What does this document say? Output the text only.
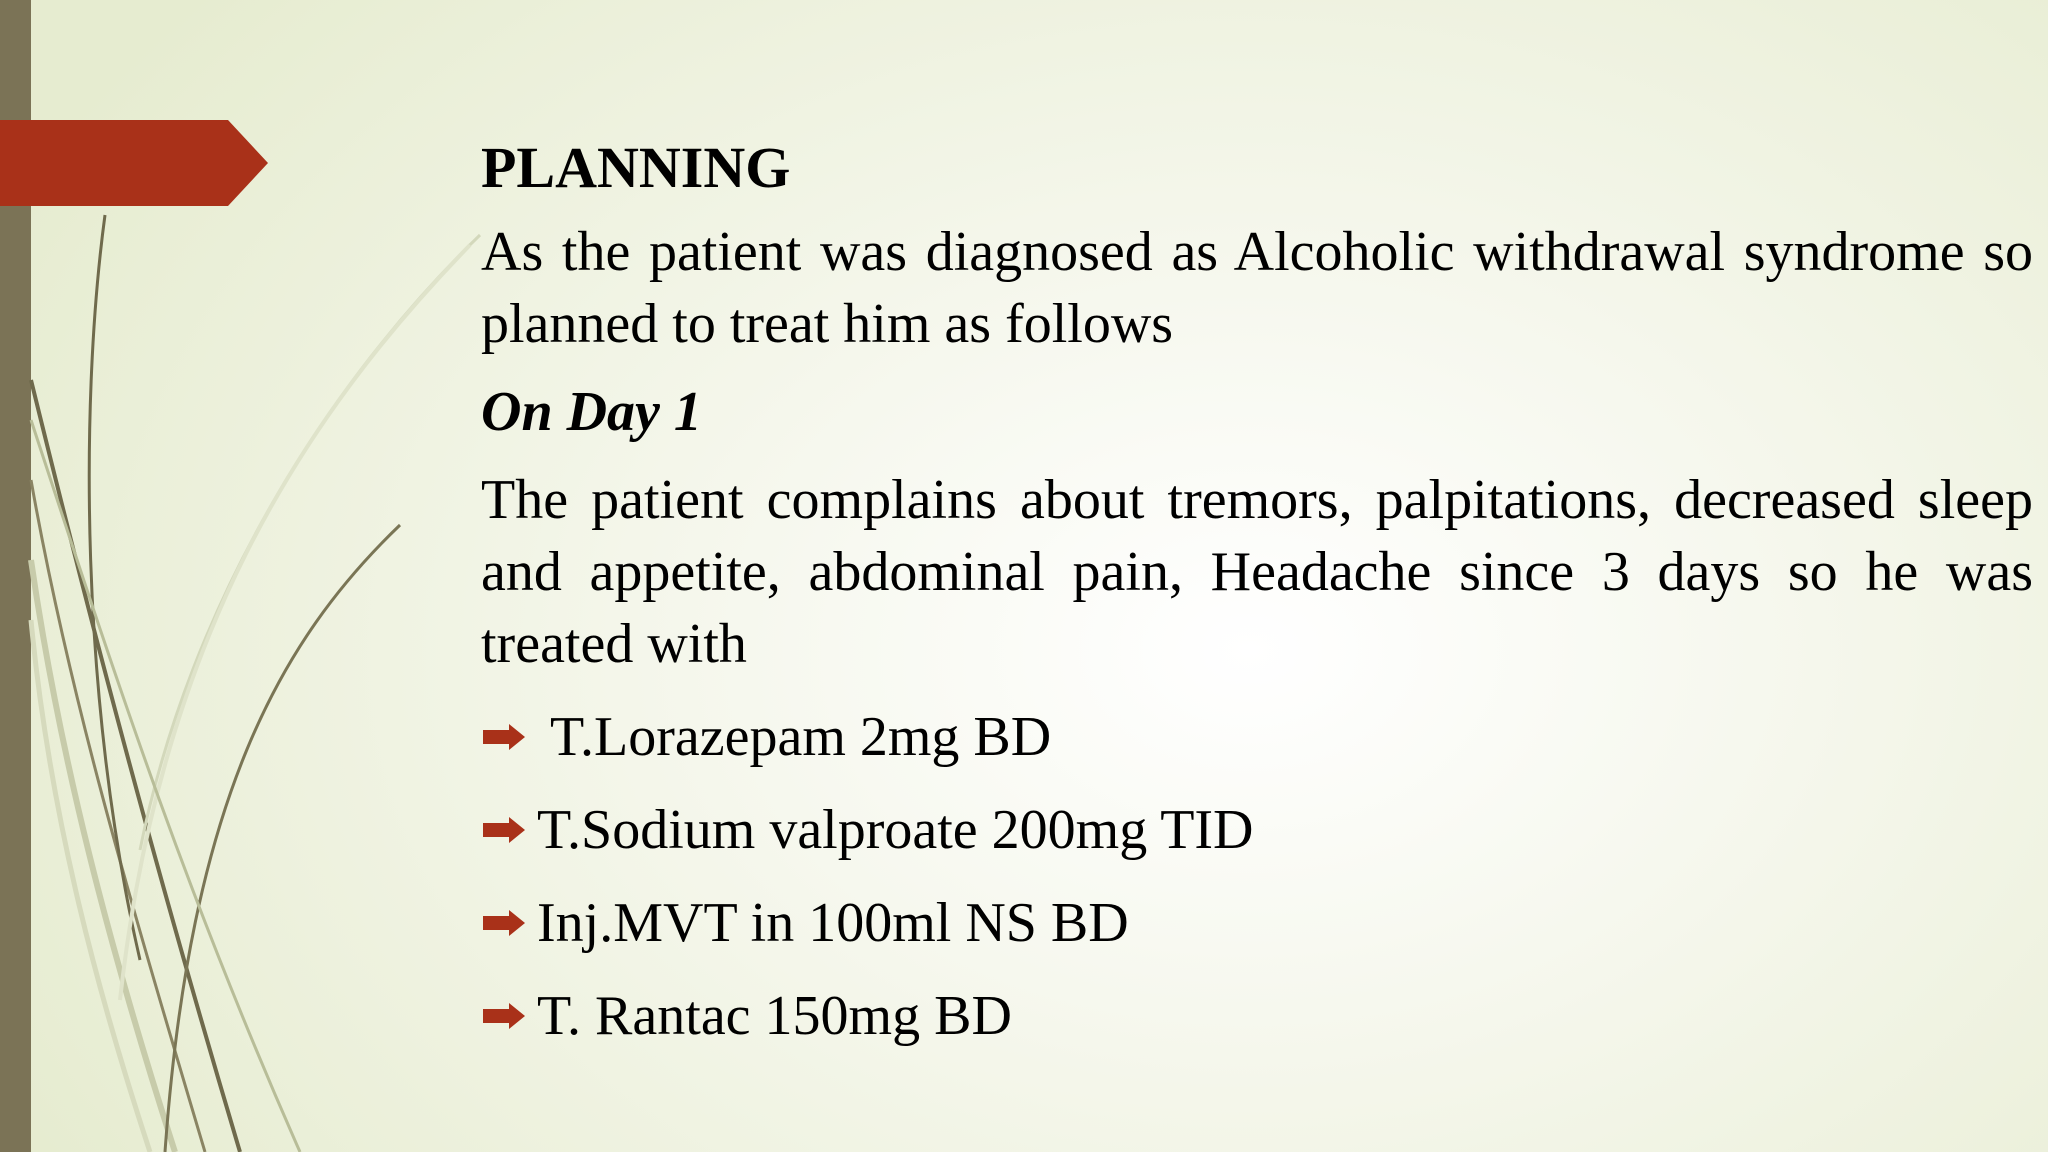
PLANNING

As the patient was diagnosed as Alcoholic withdrawal syndrome so planned to treat him as follows

On Day 1

The patient complains about tremors, palpitations, decreased sleep and appetite, abdominal pain, Headache since 3 days so he was treated with

T.Lorazepam 2mg BD
T.Sodium valproate 200mg TID
Inj.MVT in 100ml NS BD
T. Rantac 150mg BD
